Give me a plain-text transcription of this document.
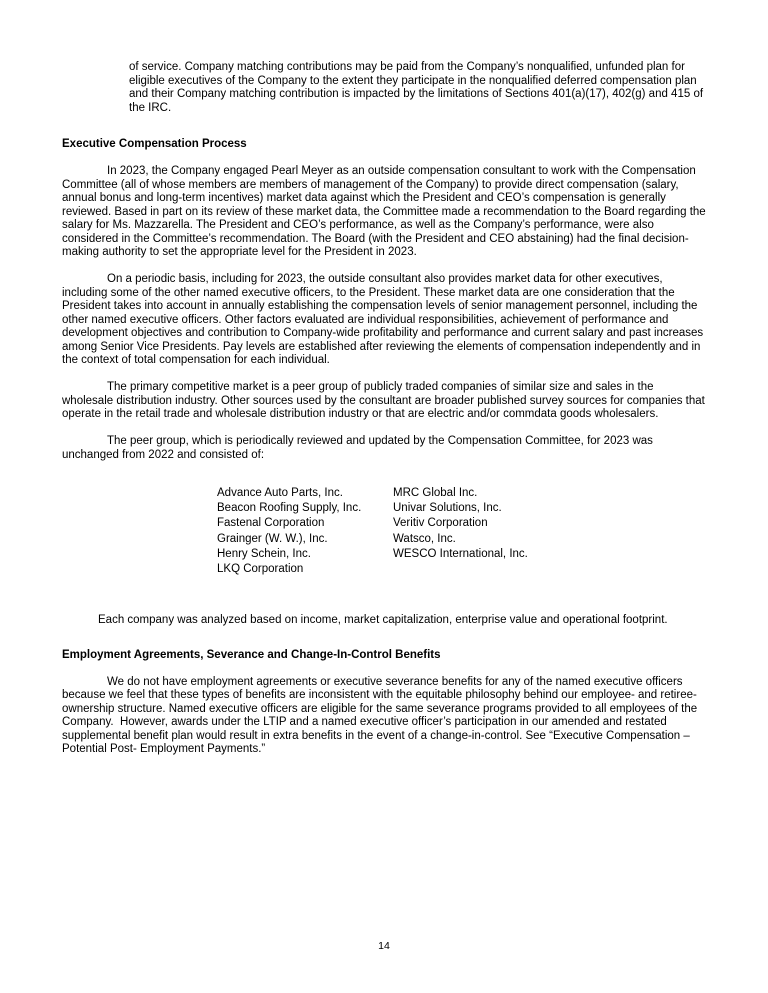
of service. Company matching contributions may be paid from the Company’s nonqualified, unfunded plan for eligible executives of the Company to the extent they participate in the nonqualified deferred compensation plan and their Company matching contribution is impacted by the limitations of Sections 401(a)(17), 402(g) and 415 of the IRC.

Executive Compensation Process

In 2023, the Company engaged Pearl Meyer as an outside compensation consultant to work with the Compensation Committee (all of whose members are members of management of the Company) to provide direct compensation (salary, annual bonus and long-term incentives) market data against which the President and CEO’s compensation is generally reviewed. Based in part on its review of these market data, the Committee made a recommendation to the Board regarding the salary for Ms. Mazzarella. The President and CEO’s performance, as well as the Company’s performance, were also considered in the Committee’s recommendation. The Board (with the President and CEO abstaining) had the final decision-making authority to set the appropriate level for the President in 2023.

On a periodic basis, including for 2023, the outside consultant also provides market data for other executives, including some of the other named executive officers, to the President. These market data are one consideration that the President takes into account in annually establishing the compensation levels of senior management personnel, including the other named executive officers. Other factors evaluated are individual responsibilities, achievement of performance and development objectives and contribution to Company-wide profitability and performance and current salary and past increases among Senior Vice Presidents. Pay levels are established after reviewing the elements of compensation independently and in the context of total compensation for each individual.

The primary competitive market is a peer group of publicly traded companies of similar size and sales in the wholesale distribution industry. Other sources used by the consultant are broader published survey sources for companies that operate in the retail trade and wholesale distribution industry or that are electric and/or commdata goods wholesalers.

The peer group, which is periodically reviewed and updated by the Compensation Committee, for 2023 was unchanged from 2022 and consisted of:

Advance Auto Parts, Inc.
Beacon Roofing Supply, Inc.
Fastenal Corporation
Grainger (W. W.), Inc.
Henry Schein, Inc.
LKQ Corporation
MRC Global Inc.
Univar Solutions, Inc.
Veritiv Corporation
Watsco, Inc.
WESCO International, Inc.

Each company was analyzed based on income, market capitalization, enterprise value and operational footprint.

Employment Agreements, Severance and Change-In-Control Benefits

We do not have employment agreements or executive severance benefits for any of the named executive officers because we feel that these types of benefits are inconsistent with the equitable philosophy behind our employee- and retiree-ownership structure. Named executive officers are eligible for the same severance programs provided to all employees of the Company.  However, awards under the LTIP and a named executive officer’s participation in our amended and restated supplemental benefit plan would result in extra benefits in the event of a change-in-control. See “Executive Compensation – Potential Post- Employment Payments.”

14
